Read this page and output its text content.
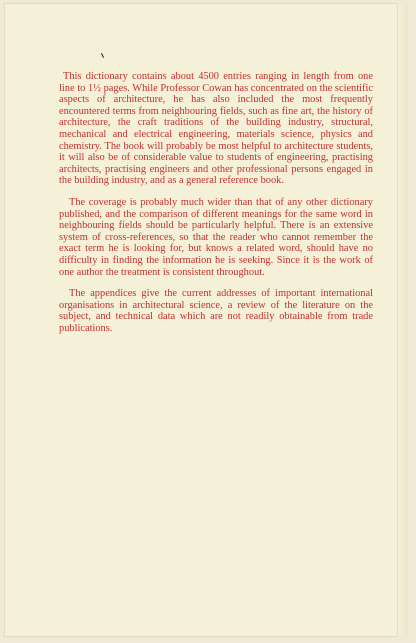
This dictionary contains about 4500 entries ranging in length from one line to 1½ pages. While Professor Cowan has concentrated on the scientific aspects of architecture, he has also included the most frequently encountered terms from neighbouring fields, such as fine art, the history of architecture, the craft traditions of the building industry, structural, mechanical and electrical engineering, materials science, physics and chemistry. The book will probably be most helpful to architecture students, it will also be of considerable value to students of engineering, practising architects, practising engineers and other professional persons engaged in the building industry, and as a general reference book.

The coverage is probably much wider than that of any other dictionary published, and the comparison of different meanings for the same word in neighbouring fields should be particularly helpful. There is an extensive system of cross-references, so that the reader who cannot remember the exact term he is looking for, but knows a related word, should have no difficulty in finding the information he is seeking. Since it is the work of one author the treatment is consistent throughout.

The appendices give the current addresses of important international organisations in architectural science, a review of the literature on the subject, and technical data which are not readily obtainable from trade publications.
